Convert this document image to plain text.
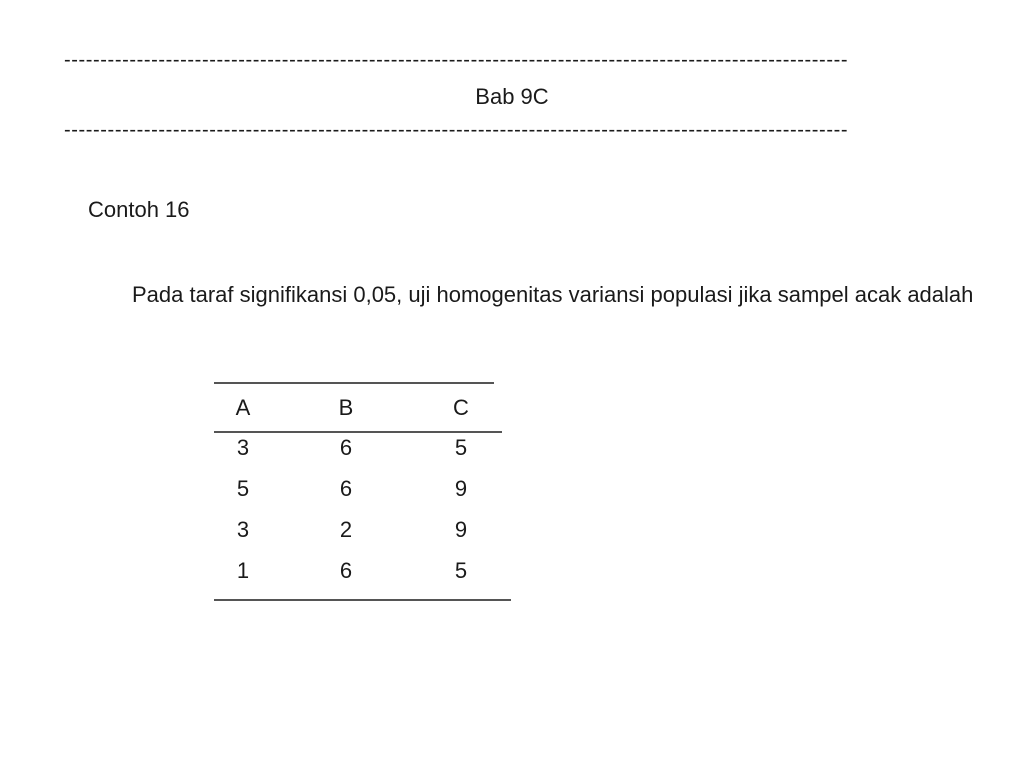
------------------------------------------------------------------------------------------------------------
Bab 9C
------------------------------------------------------------------------------------------------------------
Contoh 16
Pada taraf signifikansi 0,05, uji homogenitas variansi populasi jika sampel acak adalah
A	B	C
3	6	5
5	6	9
3	2	9
1	6	5
